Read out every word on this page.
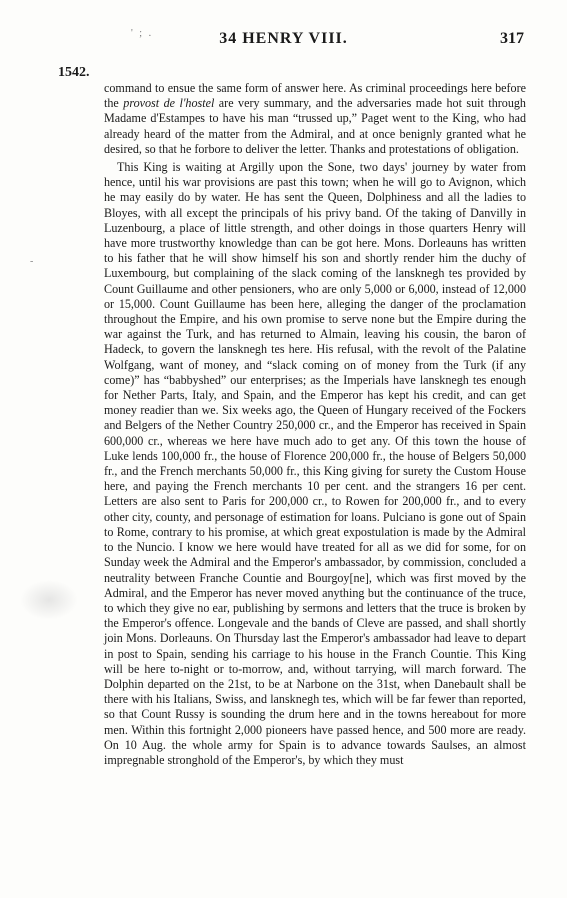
' ; .	34 HENRY VIII.	317
1542.
-

command to ensue the same form of answer here. As criminal proceedings here before the provost de l'hostel are very summary, and the adversaries made hot suit through Madame d'Estampes to have his man “trussed up,” Paget went to the King, who had already heard of the matter from the Admiral, and at once benignly granted what he desired, so that he forbore to deliver the letter. Thanks and protestations of obligation.

This King is waiting at Argilly upon the Sone, two days' journey by water from hence, until his war provisions are past this town; when he will go to Avignon, which he may easily do by water. He has sent the Queen, Dolphiness and all the ladies to Bloyes, with all except the principals of his privy band. Of the taking of Danvilly in Luzenbourg, a place of little strength, and other doings in those quarters Henry will have more trustworthy knowledge than can be got here. Mons. Dorleauns has written to his father that he will show himself his son and shortly render him the duchy of Luxembourg, but complaining of the slack coming of the lansknegh tes provided by Count Guillaume and other pensioners, who are only 5,000 or 6,000, instead of 12,000 or 15,000. Count Guillaume has been here, alleging the danger of the proclamation throughout the Empire, and his own promise to serve none but the Empire during the war against the Turk, and has returned to Almain, leaving his cousin, the baron of Hadeck, to govern the lansknegh tes here. His refusal, with the revolt of the Palatine Wolfgang, want of money, and “slack coming on of money from the Turk (if any come)” has “babbyshed” our enterprises; as the Imperials have lansknegh tes enough for Nether Parts, Italy, and Spain, and the Emperor has kept his credit, and can get money readier than we. Six weeks ago, the Queen of Hungary received of the Fockers and Belgers of the Nether Country 250,000 cr., and the Emperor has received in Spain 600,000 cr., whereas we here have much ado to get any. Of this town the house of Luke lends 100,000 fr., the house of Florence 200,000 fr., the house of Belgers 50,000 fr., and the French merchants 50,000 fr., this King giving for surety the Custom House here, and paying the French merchants 10 per cent. and the strangers 16 per cent. Letters are also sent to Paris for 200,000 cr., to Rowen for 200,000 fr., and to every other city, county, and personage of estimation for loans. Pulciano is gone out of Spain to Rome, contrary to his promise, at which great expostulation is made by the Admiral to the Nuncio. I know we here would have treated for all as we did for some, for on Sunday week the Admiral and the Emperor's ambassador, by commission, concluded a neutrality between Franche Countie and Bourgoy[ne], which was first moved by the Admiral, and the Emperor has never moved anything but the continuance of the truce, to which they give no ear, publishing by sermons and letters that the truce is broken by the Emperor's offence. Longevale and the bands of Cleve are passed, and shall shortly join Mons. Dorleauns. On Thursday last the Emperor's ambassador had leave to depart in post to Spain, sending his carriage to his house in the Franch Countie. This King will be here to-night or to-morrow, and, without tarrying, will march forward. The Dolphin departed on the 21st, to be at Narbone on the 31st, when Danebault shall be there with his Italians, Swiss, and lansknegh tes, which will be far fewer than reported, so that Count Russy is sounding the drum here and in the towns hereabout for more men. Within this fortnight 2,000 pioneers have passed hence, and 500 more are ready. On 10 Aug. the whole army for Spain is to advance towards Saulses, an almost impregnable stronghold of the Emperor's, by which they must
